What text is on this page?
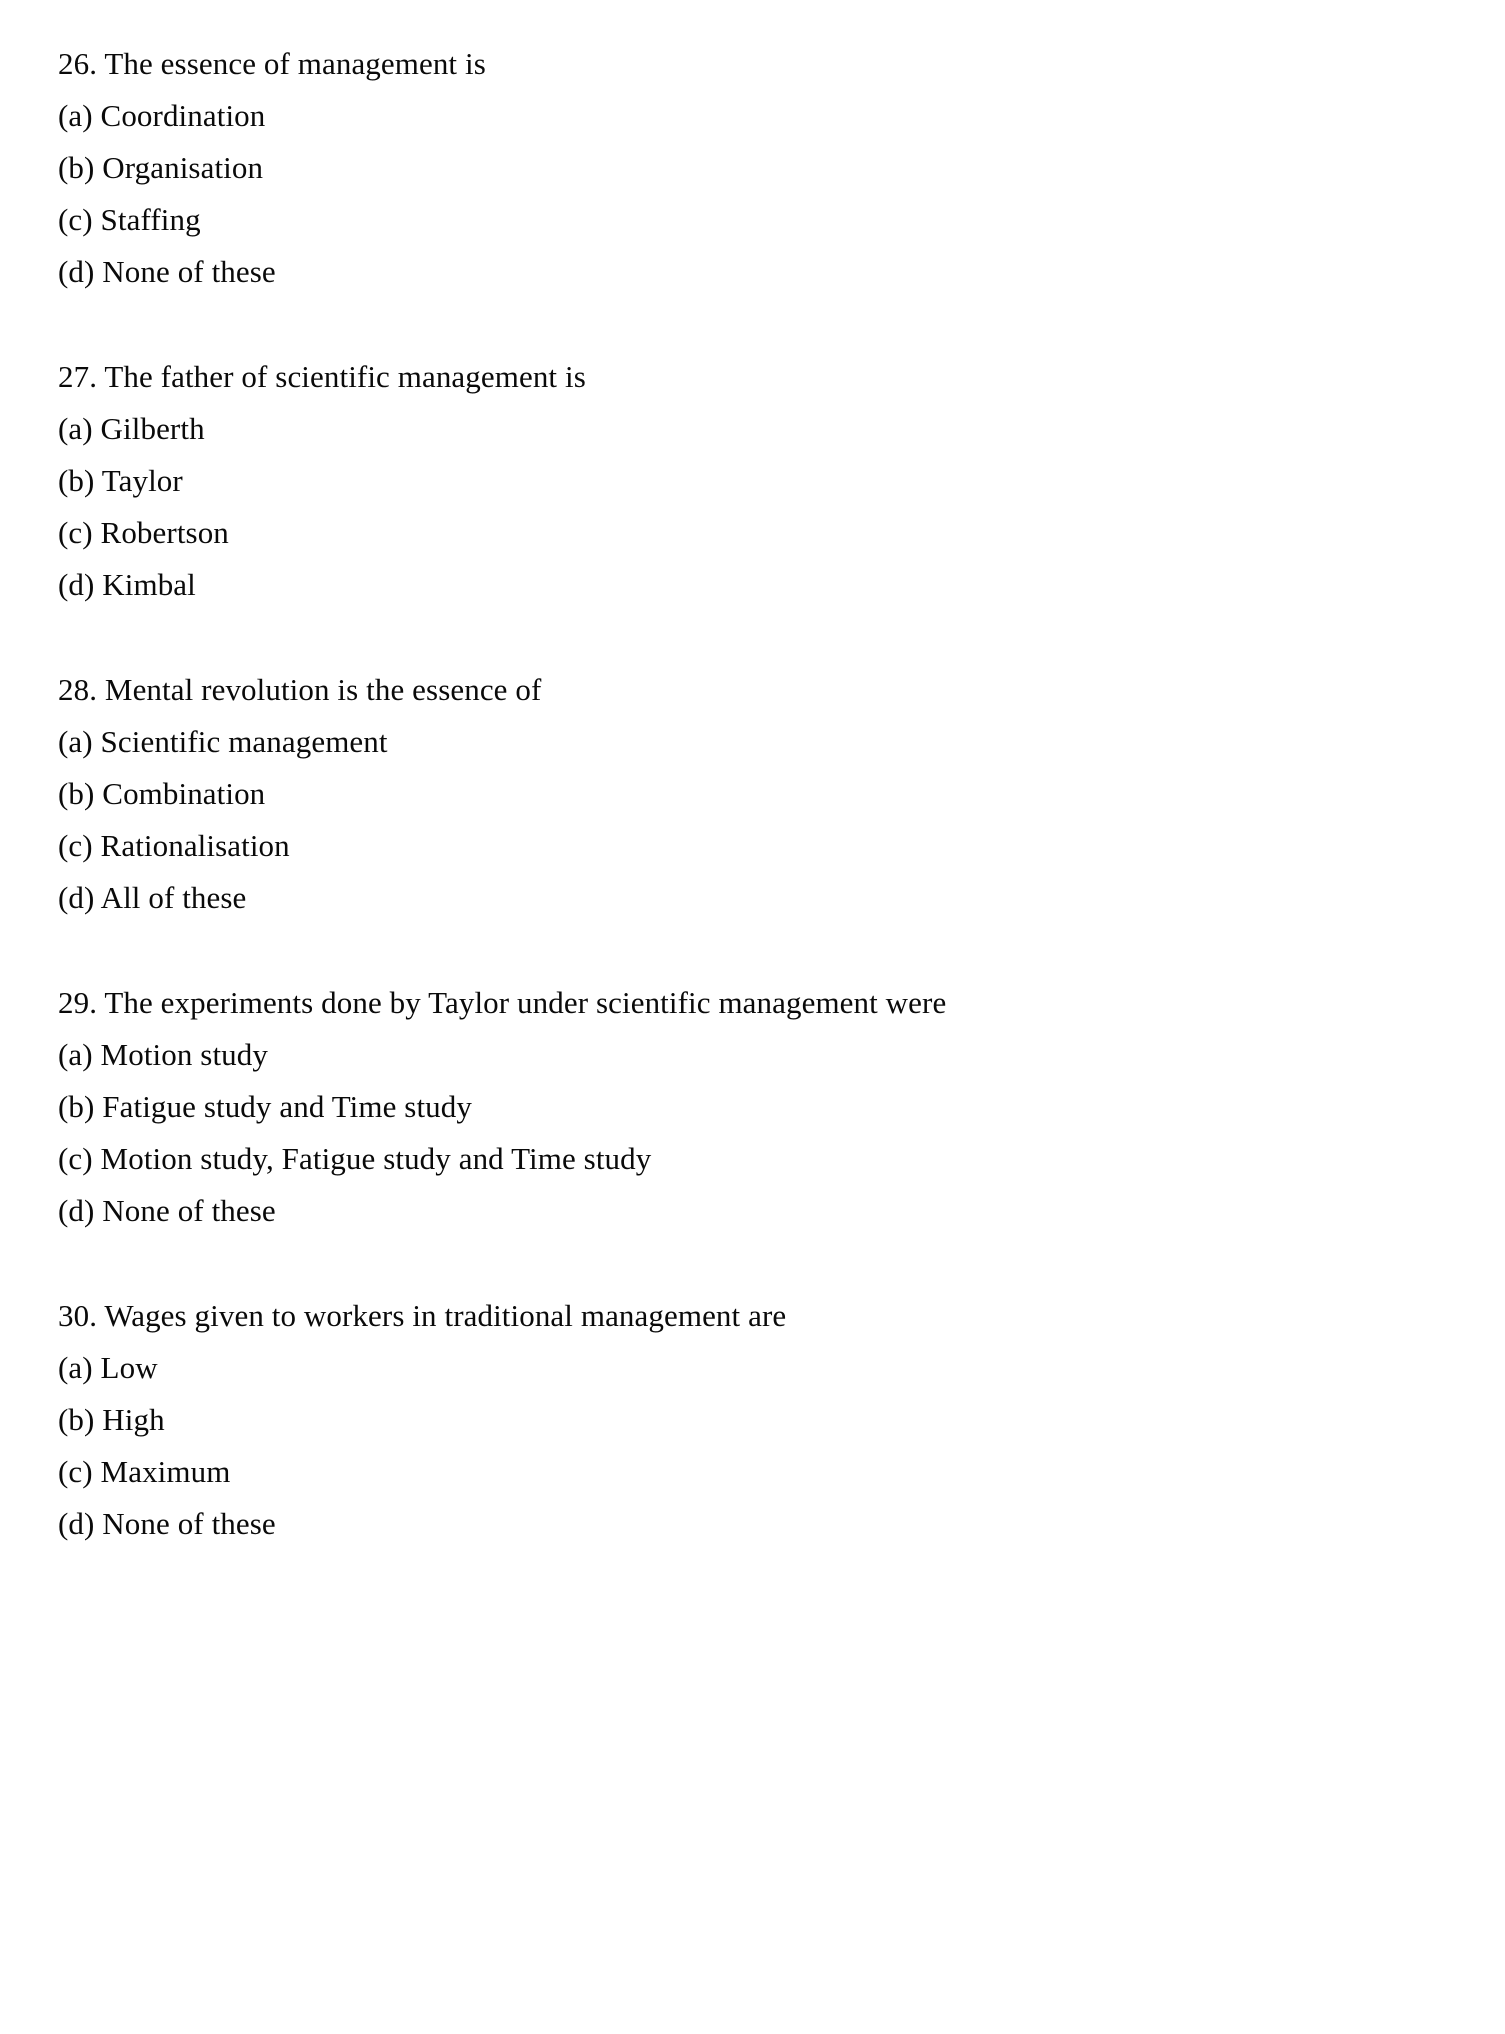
26. The essence of management is
(a) Coordination
(b) Organisation
(c) Staffing
(d) None of these
27. The father of scientific management is
(a) Gilberth
(b) Taylor
(c) Robertson
(d) Kimbal
28. Mental revolution is the essence of
(a) Scientific management
(b) Combination
(c) Rationalisation
(d) All of these
29. The experiments done by Taylor under scientific management were
(a) Motion study
(b) Fatigue study and Time study
(c) Motion study, Fatigue study and Time study
(d) None of these
30. Wages given to workers in traditional management are
(a) Low
(b) High
(c) Maximum
(d) None of these
